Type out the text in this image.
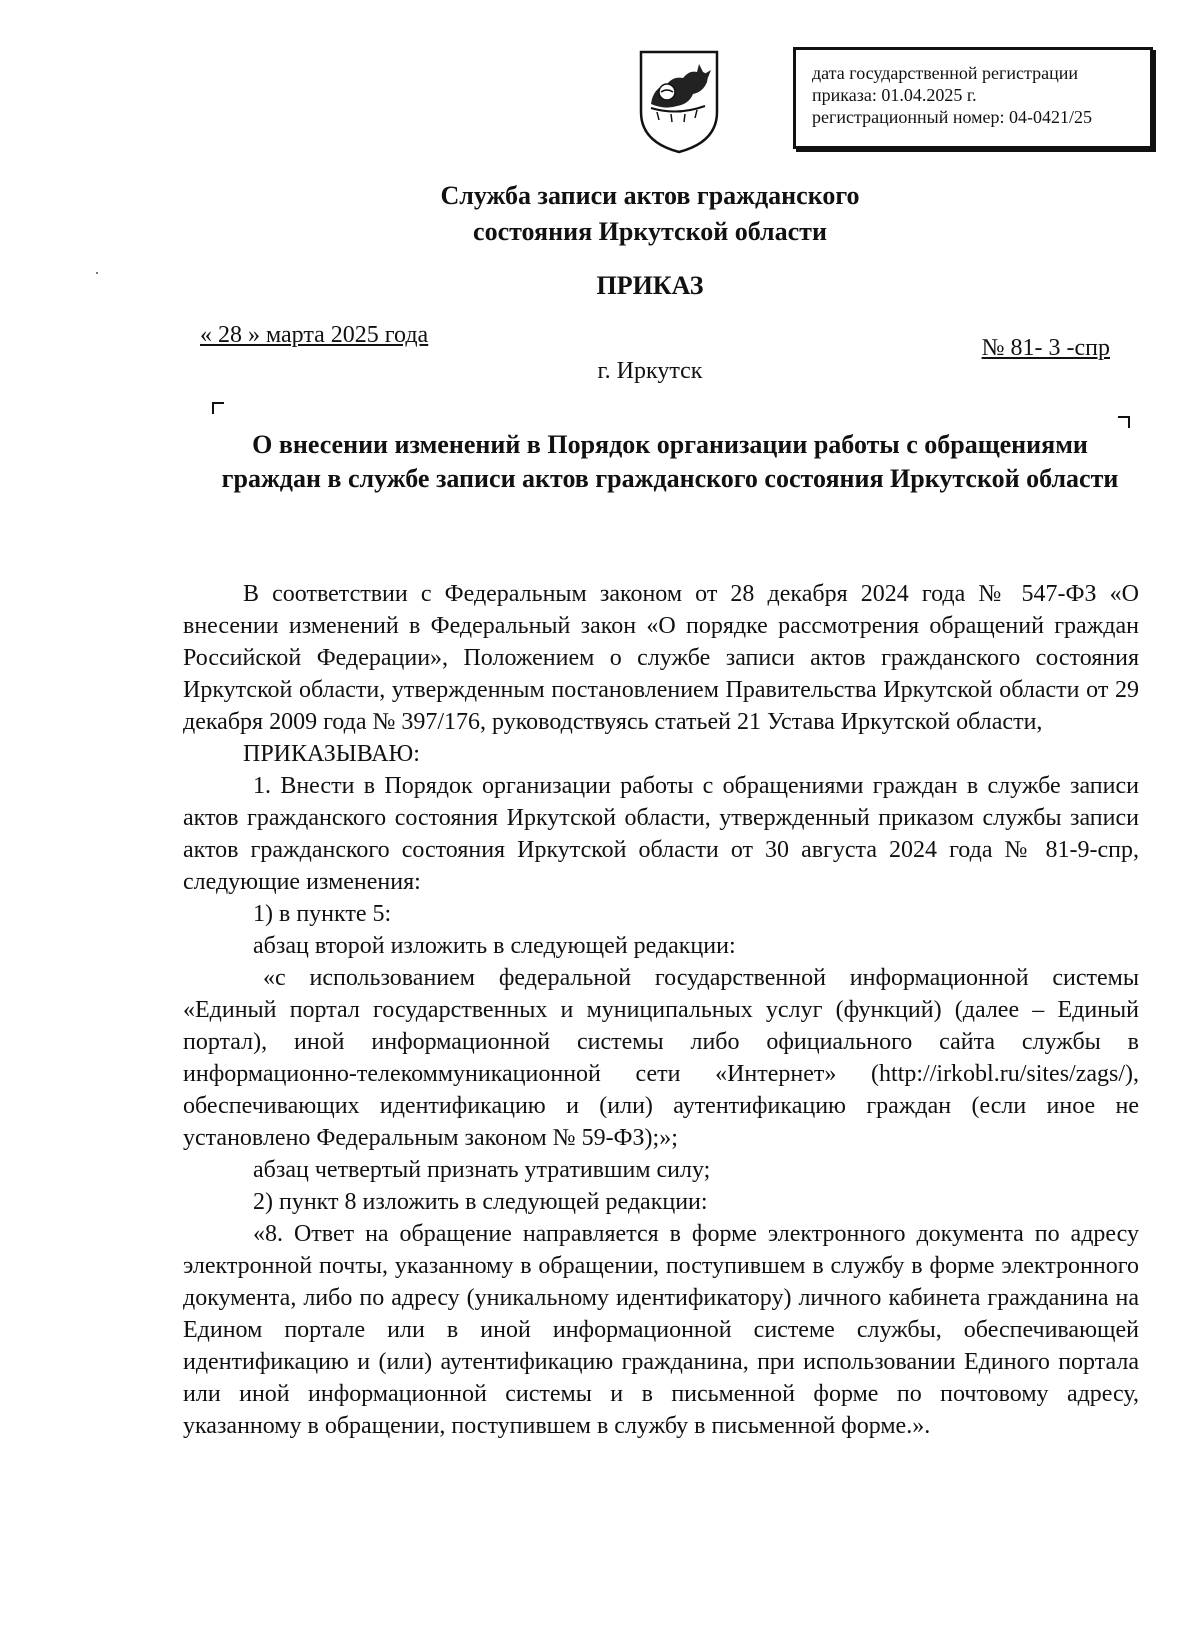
дата государственной регистрации
приказа: 01.04.2025 г.
регистрационный номер: 04-0421/25
Служба записи актов гражданского
состояния Иркутской области
ПРИКАЗ
« 28 » марта 2025 года	№ 81- 3 -спр
г. Иркутск
О внесении изменений в Порядок организации работы с обращениями
граждан в службе записи актов гражданского состояния Иркутской области

В соответствии с Федеральным законом от 28 декабря 2024 года № 547-ФЗ «О внесении изменений в Федеральный закон «О порядке рассмотрения обращений граждан Российской Федерации», Положением о службе записи актов гражданского состояния Иркутской области, утвержденным постановлением Правительства Иркутской области от 29 декабря 2009 года № 397/176, руководствуясь статьей 21 Устава Иркутской области,

ПРИКАЗЫВАЮ:

1. Внести в Порядок организации работы с обращениями граждан в службе записи актов гражданского состояния Иркутской области, утвержденный приказом службы записи актов гражданского состояния Иркутской области от 30 августа 2024 года № 81-9-спр, следующие изменения:

1) в пункте 5:

абзац второй изложить в следующей редакции:

«с использованием федеральной государственной информационной системы «Единый портал государственных и муниципальных услуг (функций) (далее – Единый портал), иной информационной системы либо официального сайта службы в информационно-телекоммуникационной сети «Интернет» (http://irkobl.ru/sites/zags/), обеспечивающих идентификацию и (или) аутентификацию граждан (если иное не установлено Федеральным законом № 59-ФЗ);»;

абзац четвертый признать утратившим силу;

2) пункт 8 изложить в следующей редакции:

«8. Ответ на обращение направляется в форме электронного документа по адресу электронной почты, указанному в обращении, поступившем в службу в форме электронного документа, либо по адресу (уникальному идентификатору) личного кабинета гражданина на Едином портале или в иной информационной системе службы, обеспечивающей идентификацию и (или) аутентификацию гражданина, при использовании Единого портала или иной информационной системы и в письменной форме по почтовому адресу, указанному в обращении, поступившем в службу в письменной форме.».
